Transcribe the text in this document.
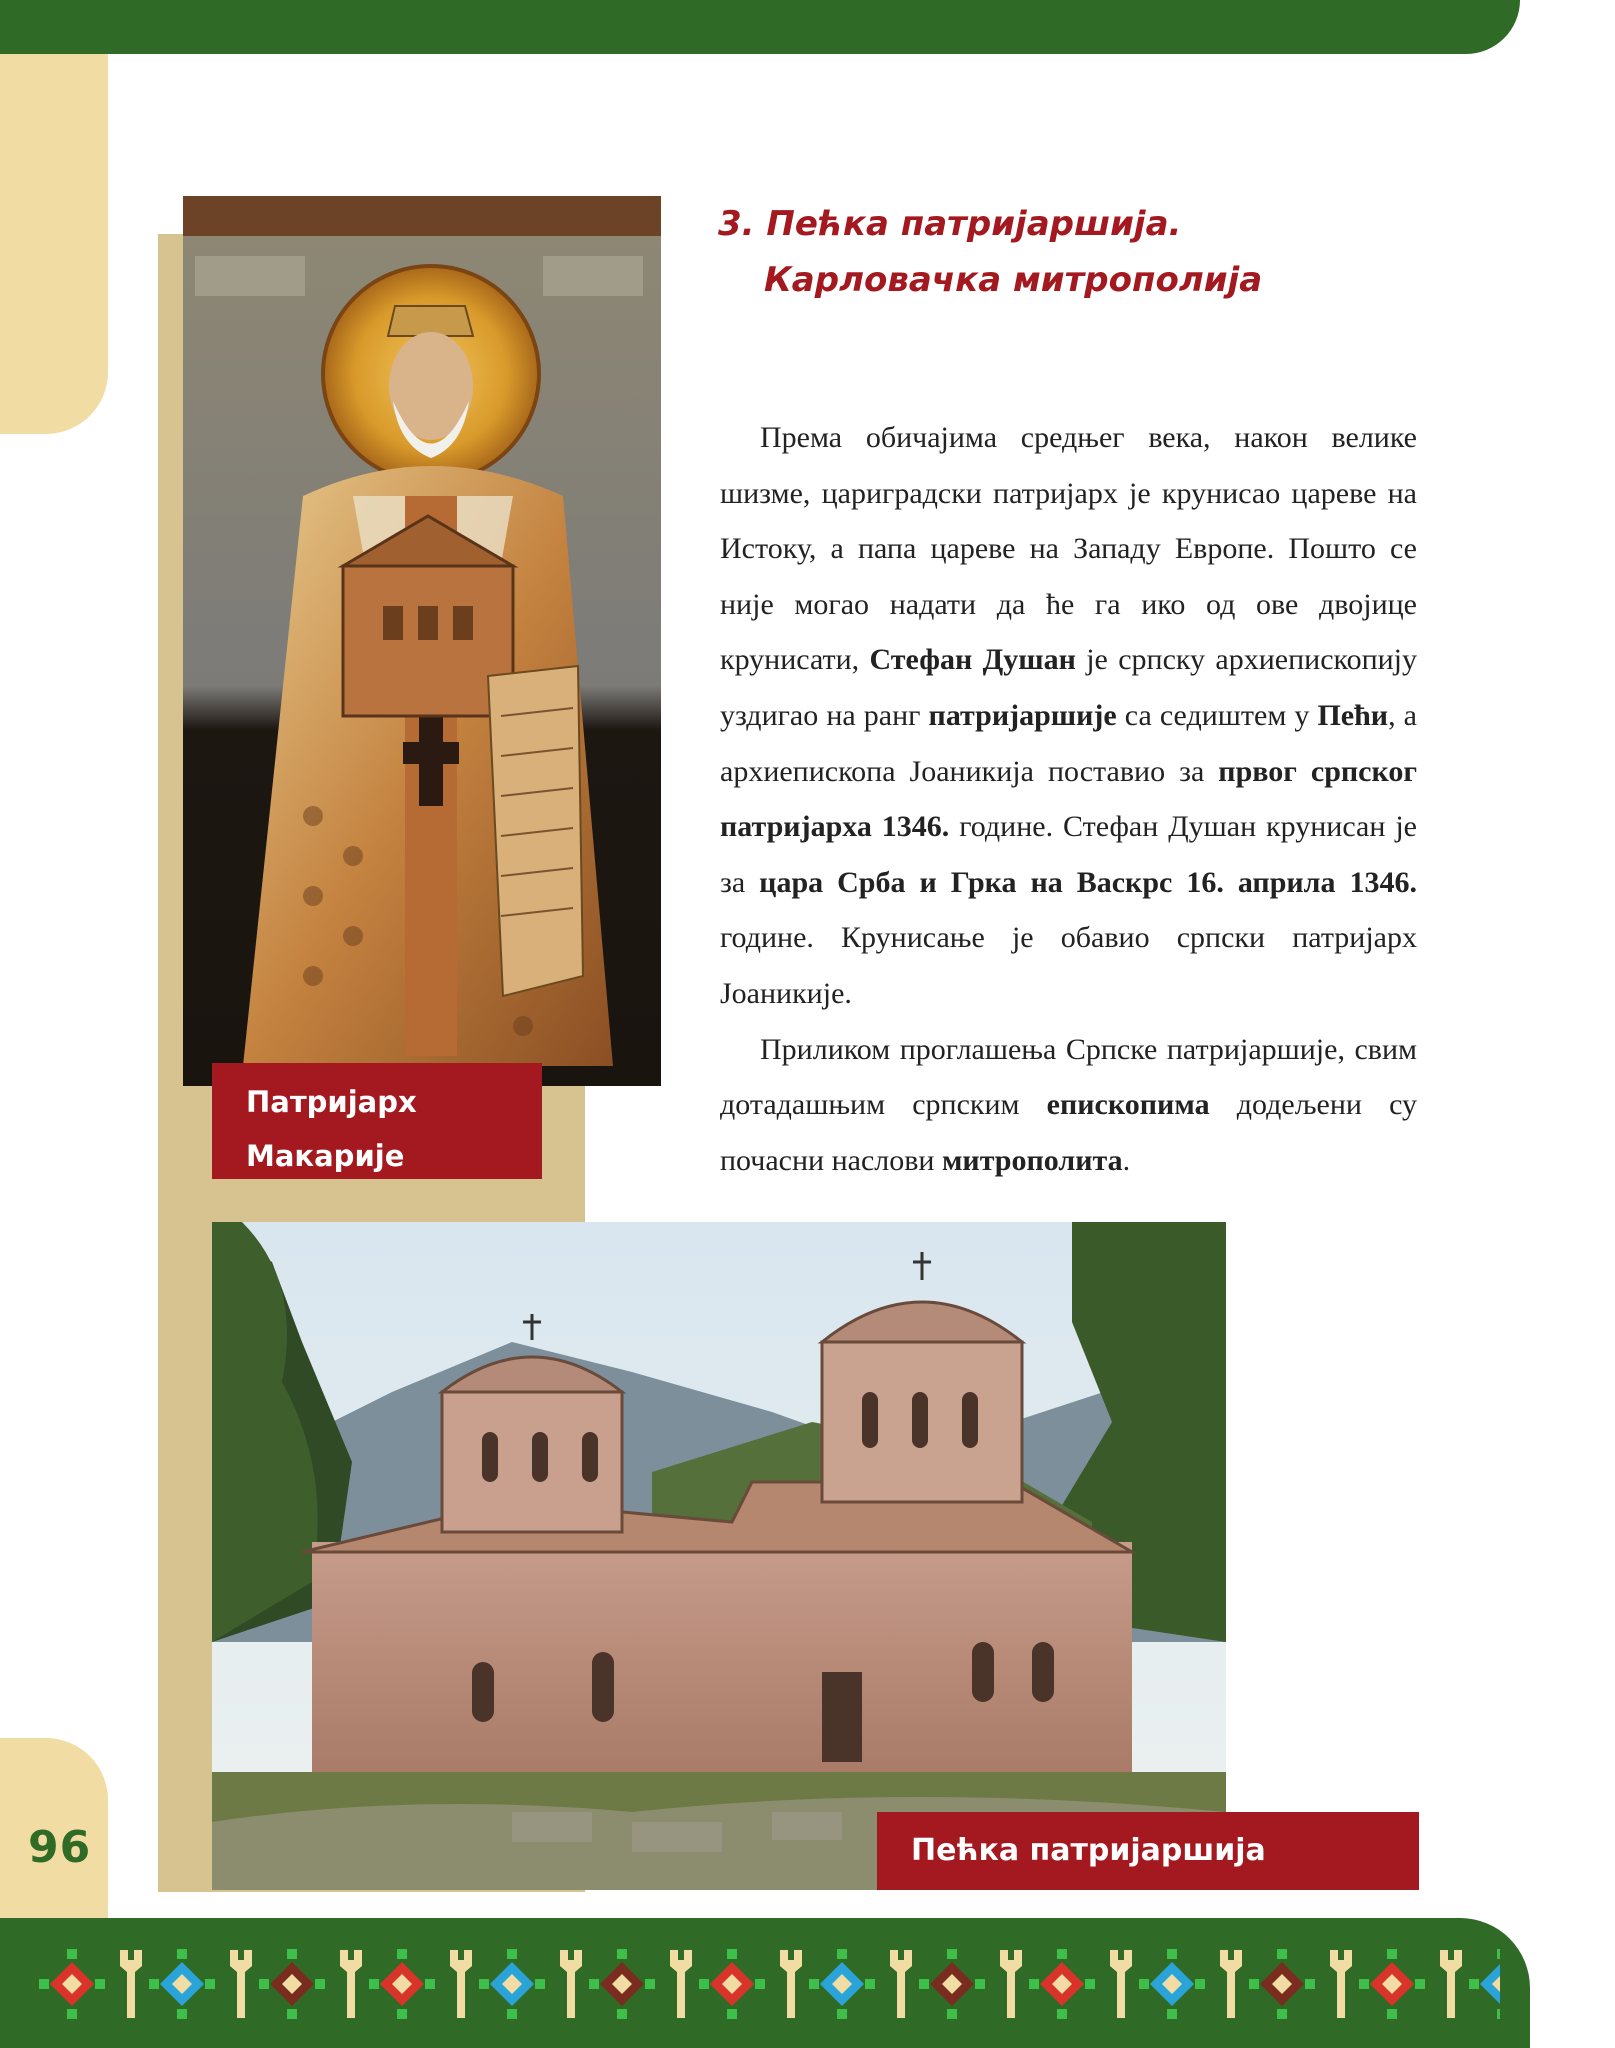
96
Патријарх
Макарије
3. Пећка патријаршија.
Карловачка митрополија

Према обичајима средњег века, након велике шизме, цариградски патријарх је крунисао цареве на Истоку, а папа цареве на Западу Европе. Пошто се није могао надати да ће га ико од ове двојице крунисати, Стефан Душан је српску архиепископију уздигао на ранг патријаршије са седиштем у Пећи, а архиепископа Јоаникија поставио за првог српског патријарха 1346. године. Стефан Душан крунисан је за цара Срба и Грка на Васкрс 16. априла 1346. године. Крунисање је обавио српски патријарх Јоаникије.

Приликом проглашења Српске патријаршије, свим дотадашњим српским епископима додељени су почасни наслови митрополита.

Пећка патријаршија
